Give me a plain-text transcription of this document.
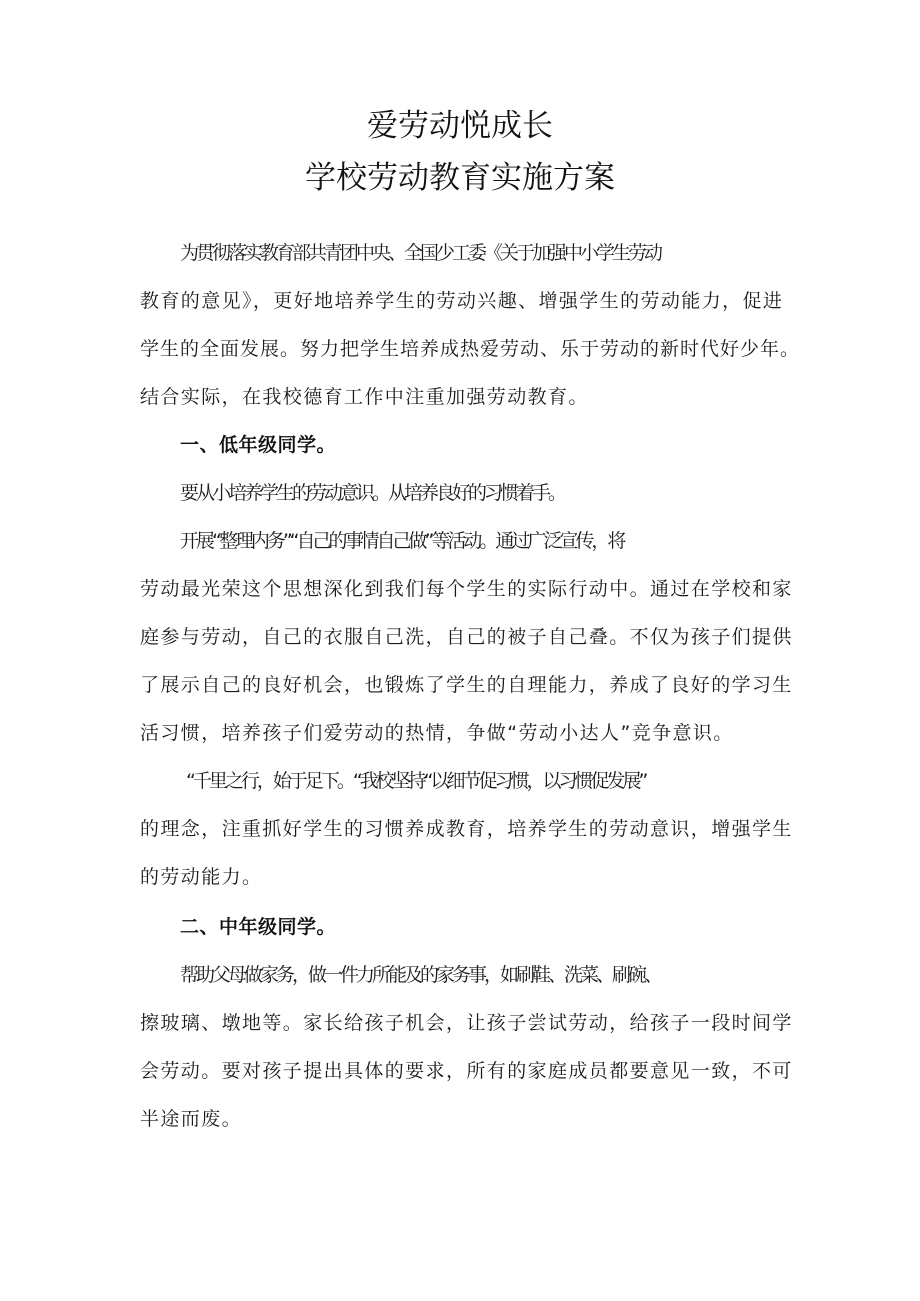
爱劳动悦成长
学校劳动教育实施方案
为贯彻落实教育部共青团中央、全国少工委《关于加强中小学生劳动
教育的意见》，更好地培养学生的劳动兴趣、增强学生的劳动能力，促进
学生的全面发展。努力把学生培养成热爱劳动、乐于劳动的新时代好少年。
结合实际，在我校德育工作中注重加强劳动教育。
一、低年级同学。
要从小培养学生的劳动意识。从培养良好的习惯着手。
开展“整理内务”“自己的事情自己做”等活动。通过广泛宣传，将
劳动最光荣这个思想深化到我们每个学生的实际行动中。通过在学校和家
庭参与劳动，自己的衣服自己洗，自己的被子自己叠。不仅为孩子们提供
了展示自己的良好机会，也锻炼了学生的自理能力，养成了良好的学习生
活习惯，培养孩子们爱劳动的热情，争做“劳动小达人”竞争意识。
“千里之行，始于足下。“我校坚持“以细节促习惯，以习惯促发展”
的理念，注重抓好学生的习惯养成教育，培养学生的劳动意识，增强学生
的劳动能力。
二、中年级同学。
帮助父母做家务，做一件力所能及的家务事，如刷鞋、洗菜、刷碗、
擦玻璃、墩地等。家长给孩子机会，让孩子尝试劳动，给孩子一段时间学
会劳动。要对孩子提出具体的要求，所有的家庭成员都要意见一致，不可
半途而废。
